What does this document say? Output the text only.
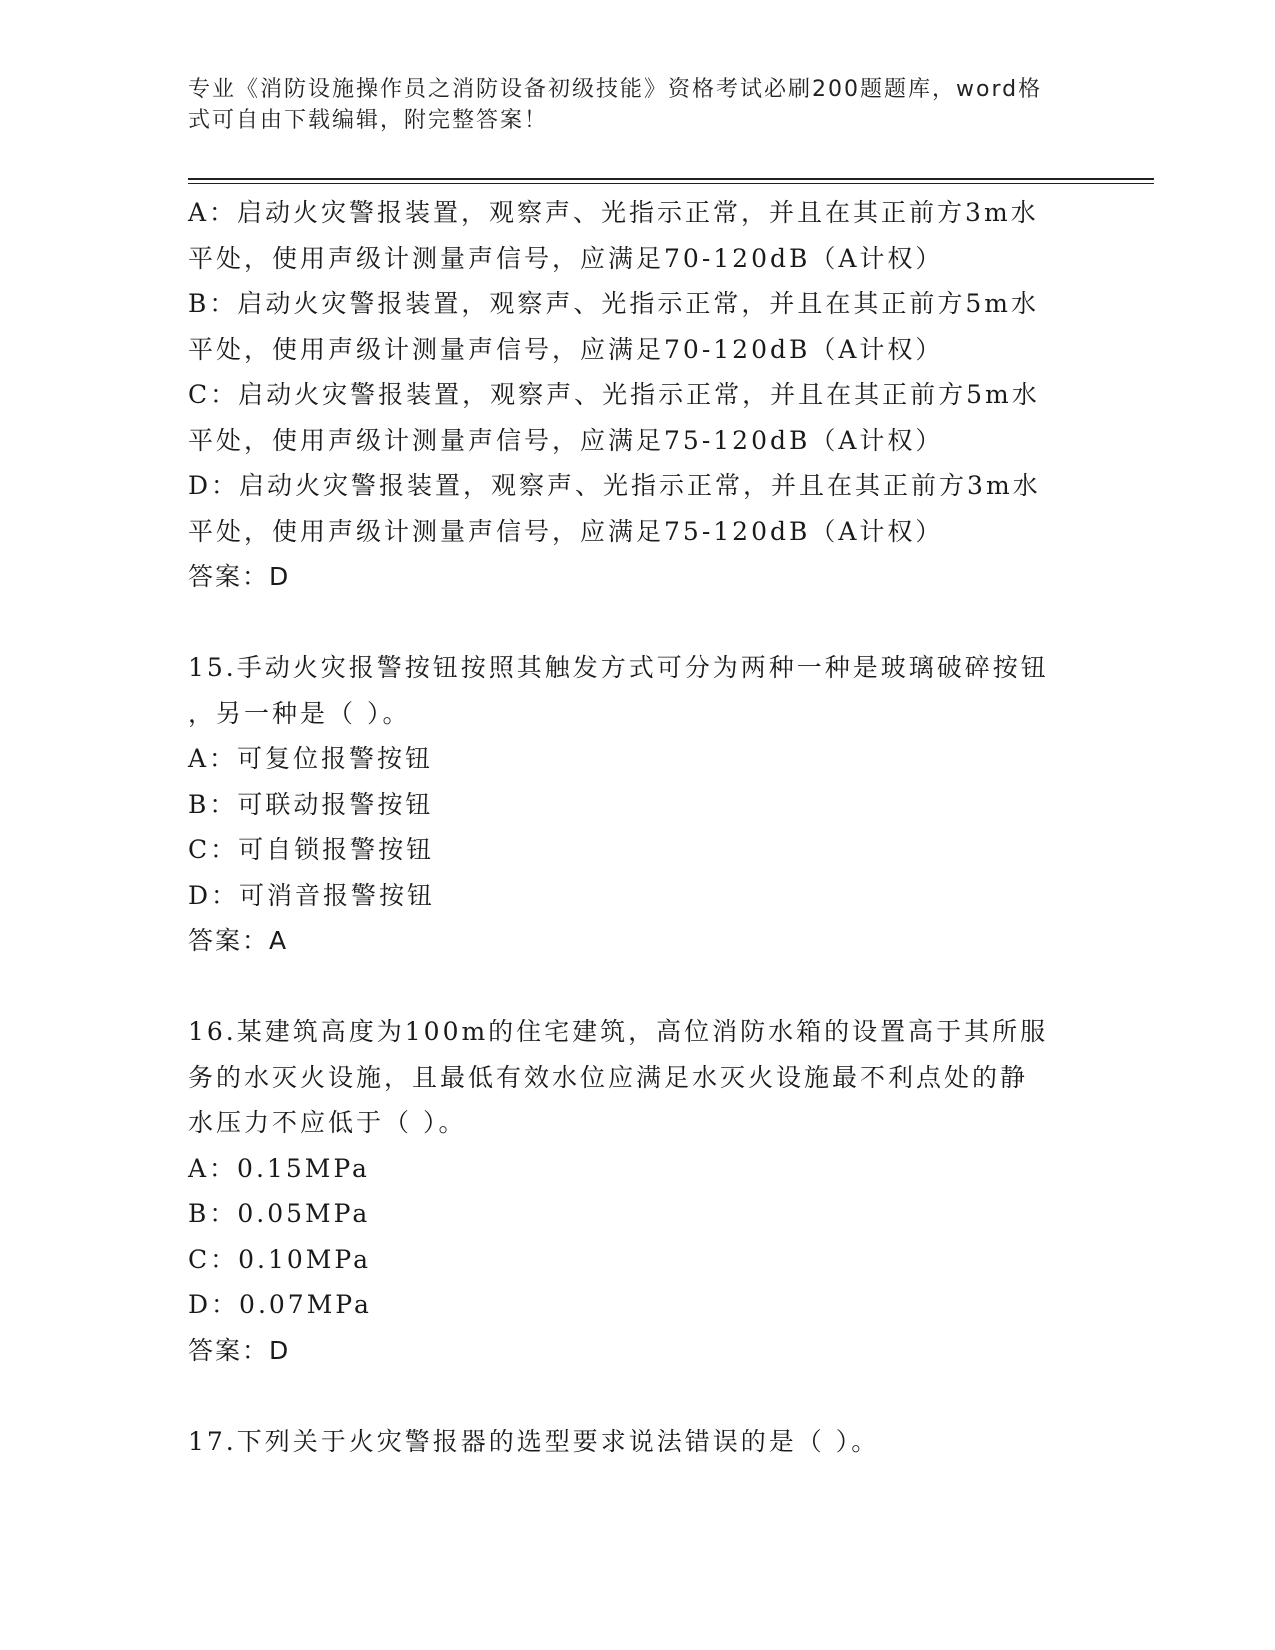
专业《消防设施操作员之消防设备初级技能》资格考试必刷200题题库，word格
式可自由下载编辑，附完整答案！
A：启动火灾警报装置，观察声、光指示正常，并且在其正前方3m水
平处，使用声级计测量声信号，应满足70-120dB（A计权）
B：启动火灾警报装置，观察声、光指示正常，并且在其正前方5m水
平处，使用声级计测量声信号，应满足70-120dB（A计权）
C：启动火灾警报装置，观察声、光指示正常，并且在其正前方5m水
平处，使用声级计测量声信号，应满足75-120dB（A计权）
D：启动火灾警报装置，观察声、光指示正常，并且在其正前方3m水
平处，使用声级计测量声信号，应满足75-120dB（A计权）
答案：D
15.手动火灾报警按钮按照其触发方式可分为两种一种是玻璃破碎按钮
，另一种是（ ）。
A：可复位报警按钮
B：可联动报警按钮
C：可自锁报警按钮
D：可消音报警按钮
答案：A
16.某建筑高度为100m的住宅建筑，高位消防水箱的设置高于其所服
务的水灭火设施，且最低有效水位应满足水灭火设施最不利点处的静
水压力不应低于（ ）。
A：0.15MPa
B：0.05MPa
C：0.10MPa
D：0.07MPa
答案：D
17.下列关于火灾警报器的选型要求说法错误的是（ ）。
